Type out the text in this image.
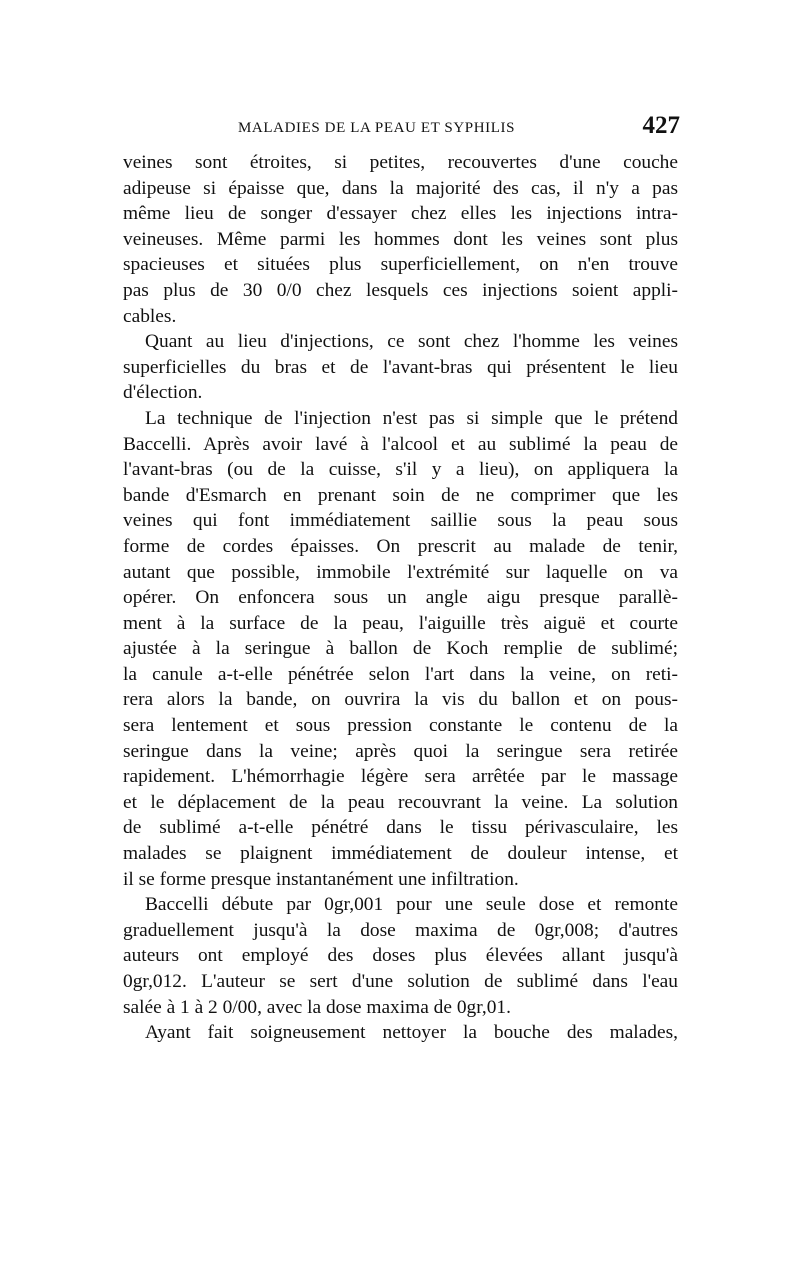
MALADIES DE LA PEAU ET SYPHILIS	427
veines sont étroites, si petites, recouvertes d'une couche
adipeuse si épaisse que, dans la majorité des cas, il n'y a pas
même lieu de songer d'essayer chez elles les injections intra-
veineuses. Même parmi les hommes dont les veines sont plus
spacieuses et situées plus superficiellement, on n'en trouve
pas plus de 30 0/0 chez lesquels ces injections soient appli-
cables.
Quant au lieu d'injections, ce sont chez l'homme les veines
superficielles du bras et de l'avant-bras qui présentent le lieu
d'élection.
La technique de l'injection n'est pas si simple que le prétend
Baccelli. Après avoir lavé à l'alcool et au sublimé la peau de
l'avant-bras (ou de la cuisse, s'il y a lieu), on appliquera la
bande d'Esmarch en prenant soin de ne comprimer que les
veines qui font immédiatement saillie sous la peau sous
forme de cordes épaisses. On prescrit au malade de tenir,
autant que possible, immobile l'extrémité sur laquelle on va
opérer. On enfoncera sous un angle aigu presque parallè-
ment à la surface de la peau, l'aiguille très aiguë et courte
ajustée à la seringue à ballon de Koch remplie de sublimé;
la canule a-t-elle pénétrée selon l'art dans la veine, on reti-
rera alors la bande, on ouvrira la vis du ballon et on pous-
sera lentement et sous pression constante le contenu de la
seringue dans la veine; après quoi la seringue sera retirée
rapidement. L'hémorrhagie légère sera arrêtée par le massage
et le déplacement de la peau recouvrant la veine. La solution
de sublimé a-t-elle pénétré dans le tissu périvasculaire, les
malades se plaignent immédiatement de douleur intense, et
il se forme presque instantanément une infiltration.
Baccelli débute par 0gr,001 pour une seule dose et remonte
graduellement jusqu'à la dose maxima de 0gr,008; d'autres
auteurs ont employé des doses plus élevées allant jusqu'à
0gr,012. L'auteur se sert d'une solution de sublimé dans l'eau
salée à 1 à 2 0/00, avec la dose maxima de 0gr,01.
Ayant fait soigneusement nettoyer la bouche des malades,
